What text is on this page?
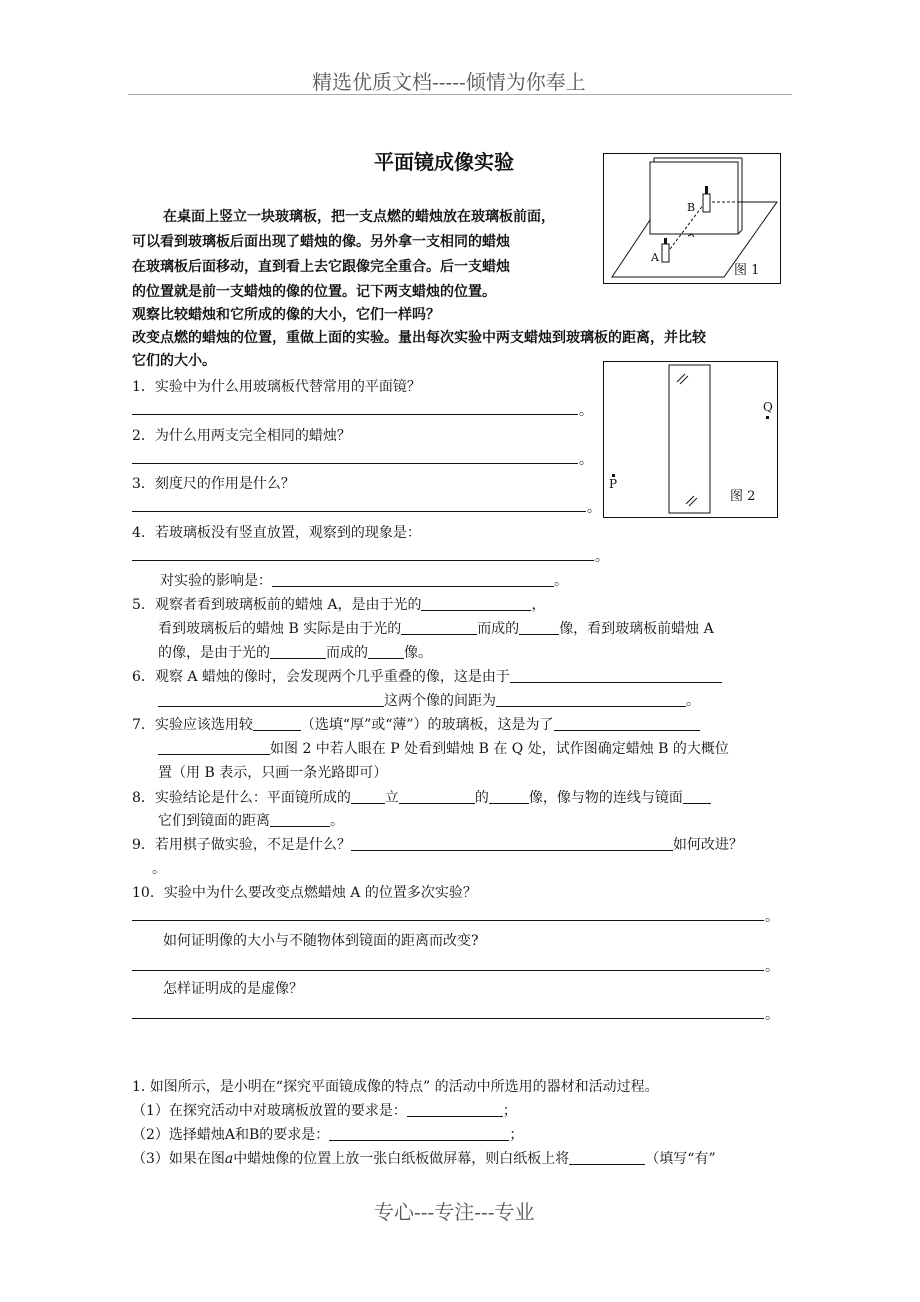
精选优质文档-----倾情为你奉上
平面镜成像实验
A
B
图 1
在桌面上竖立一块玻璃板，把一支点燃的蜡烛放在玻璃板前面，
可以看到玻璃板后面出现了蜡烛的像。另外拿一支相同的蜡烛
在玻璃板后面移动，直到看上去它跟像完全重合。后一支蜡烛
的位置就是前一支蜡烛的像的位置。记下两支蜡烛的位置。
观察比较蜡烛和它所成的像的大小，它们一样吗？
改变点燃的蜡烛的位置，重做上面的实验。量出每次实验中两支蜡烛到玻璃板的距离，并比较
它们的大小。
P
Q
图 2
1．实验中为什么用玻璃板代替常用的平面镜？
。
2．为什么用两支完全相同的蜡烛？
。
3．刻度尺的作用是什么？
。
4．若玻璃板没有竖直放置，观察到的现象是：
。
对实验的影响是：	。
5．观察者看到玻璃板前的蜡烛 A，是由于光的	，
看到玻璃板后的蜡烛 B 实际是由于光的	而成的	像，看到玻璃板前蜡烛 A
的像，是由于光的	而成的	像。
6．观察 A 蜡烛的像时，会发现两个几乎重叠的像，这是由于
这两个像的间距为	。
7．实验应该选用较	（选填“厚”或“薄”）的玻璃板，这是为了
如图 2 中若人眼在 P 处看到蜡烛 B 在 Q 处，试作图确定蜡烛 B 的大概位
置（用 B 表示，只画一条光路即可）
8．实验结论是什么：平面镜所成的 立	的	像，像与物的连线与镜面
它们到镜面的距离	。
9．若用棋子做实验，不足是什么？	如何改进？
。
10．实验中为什么要改变点燃蜡烛 A 的位置多次实验？
。
如何证明像的大小与不随物体到镜面的距离而改变?
。
怎样证明成的是虚像？
。
1. 如图所示，是小明在“探究平面镜成像的特点” 的活动中所选用的器材和活动过程。
（1）在探究活动中对玻璃板放置的要求是：	；
（2）选择蜡烛A和B的要求是：	；
（3）如果在图a中蜡烛像的位置上放一张白纸板做屏幕，则白纸板上将	（填写“有”
专心---专注---专业
